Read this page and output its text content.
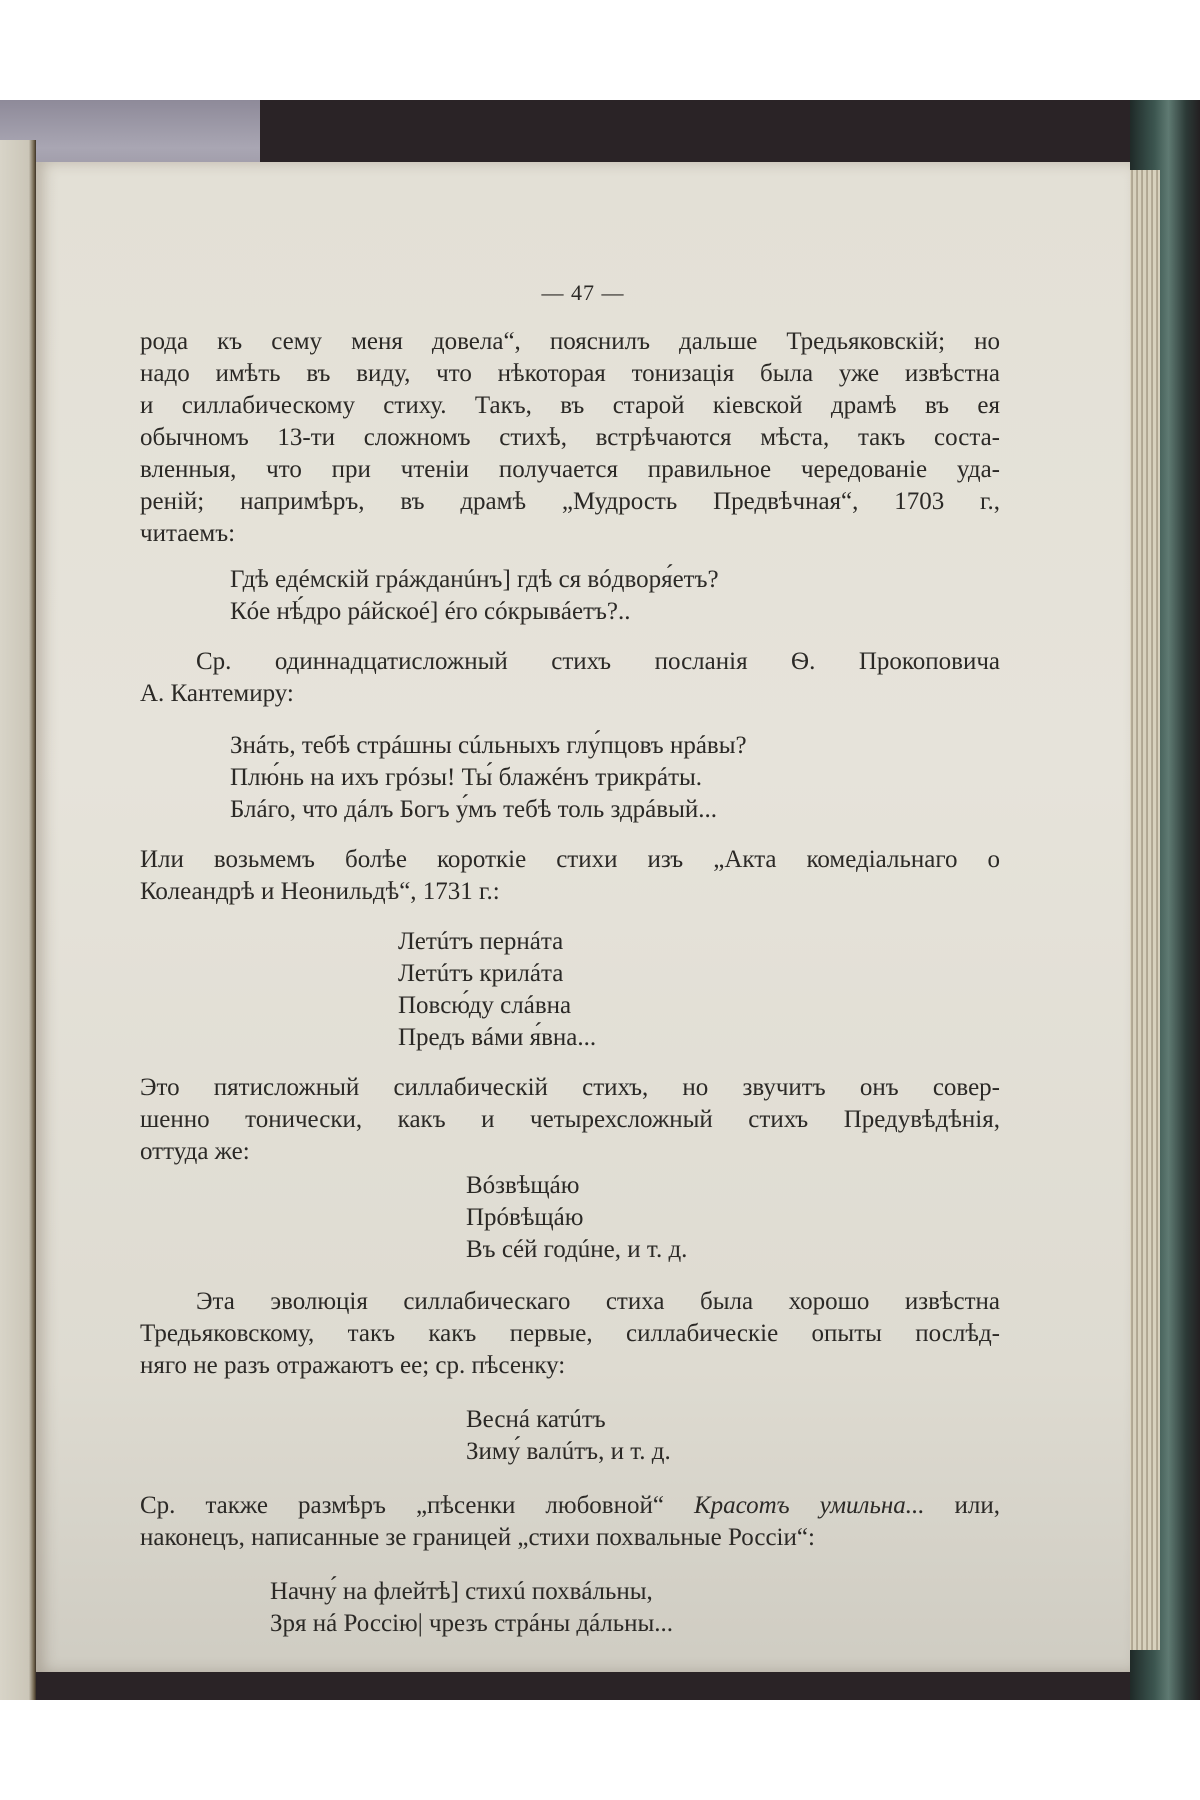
— 47 —

рода къ сему меня довела“, пояснилъ дальше Тредьяковскій; но
надо имѣть въ виду, что нѣкоторая тонизація была уже извѣстна
и силлабическому стиху. Такъ, въ старой кіевской драмѣ въ ея
обычномъ 13-ти сложномъ стихѣ, встрѣчаются мѣста, такъ соста-
вленныя, что при чтеніи получается правильное чередованіе уда-
реній; напримѣръ, въ драмѣ „Мудрость Предвѣчная“, 1703 г.,
читаемъ:

Гдѣ едéмскій грáжданúнъ] гдѣ ся вóдворя́етъ?
Кóе нѣ́дро рáйскоé] éго сóкрывáетъ?..

Ср. одиннадцатисложный стихъ посланія Ѳ. Прокоповича
А. Кантемиру:

Знáть, тебѣ стрáшны сúльныхъ глу́пцовъ нрáвы?
Плю́нь на ихъ грóзы! Ты́ блажéнъ трикрáты.
Блáго, что дáлъ Богъ у́мъ тебѣ толь здрáвый...

Или возьмемъ болѣе короткіе стихи изъ „Акта комедіальнаго о
Колеандрѣ и Неонильдѣ“, 1731 г.:

Летúтъ пернáта
Летúтъ крилáта
Повсю́ду слáвна
Предъ вáми я́вна...

Это пятисложный силлабическій стихъ, но звучитъ онъ совер-
шенно тонически, какъ и четырехсложный стихъ Предувѣдѣнія,
оттуда же:

Вóзвѣщáю
Прóвѣщáю
Въ сéй годúне, и т. д.

Эта эволюція силлабическаго стиха была хорошо извѣстна
Тредьяковскому, такъ какъ первые, силлабическіе опыты послѣд-
няго не разъ отражаютъ ее; ср. пѣсенку:

Веснá катúтъ
Зиму́ валúтъ, и т. д.

Ср. также размѣръ „пѣсенки любовной“ Красотъ умильна... или,
наконецъ, написанные зе границей „стихи похвальные Россіи“:

Начну́ на флейтѣ] стихú похвáльны,
Зря нá Россію| чрезъ стрáны дáльны...
